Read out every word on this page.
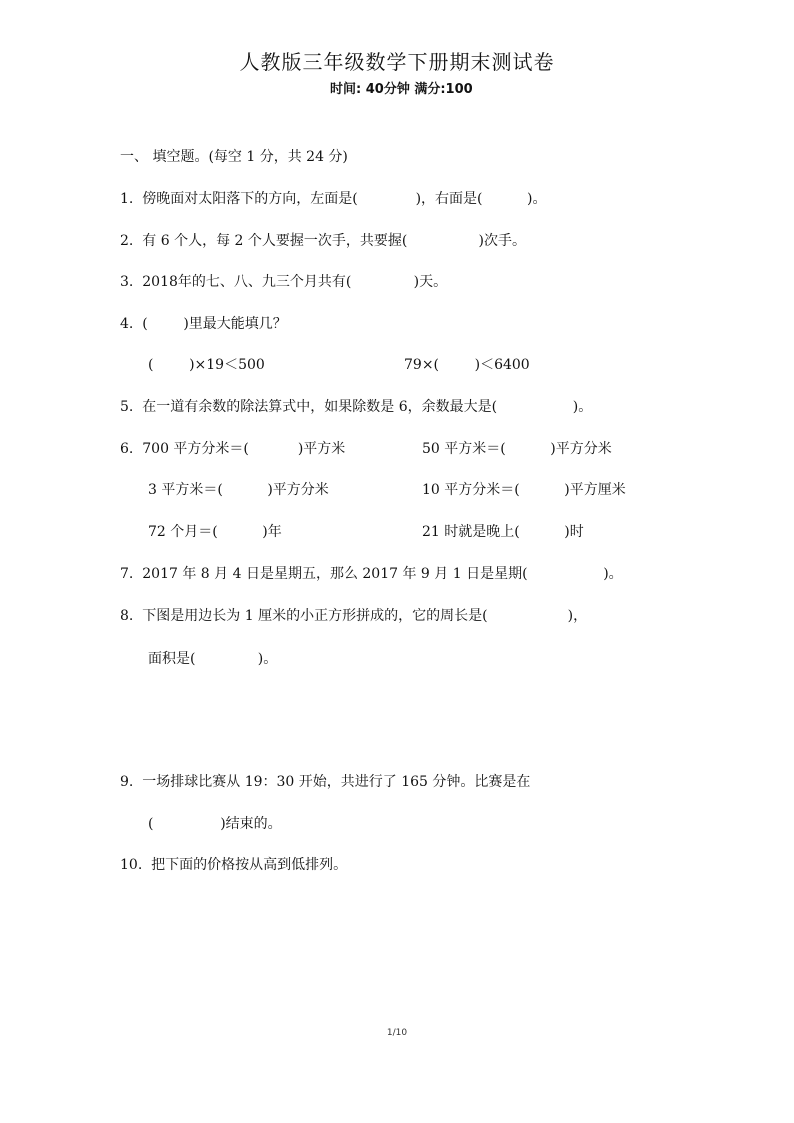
人教版三年级数学下册期末测试卷
时间: 40分钟 满分:100
一、 填空题。(每空 1 分，共 24 分)
1.  傍晚面对太阳落下的方向，左面是(             )，右面是(          )。
2.  有 6 个人，每 2 个人要握一次手，共要握(                )次手。
3.  2018年的七、八、九三个月共有(              )天。
4.  (        )里最大能填几？
(        )×19＜500	79×(        )＜6400
5.  在一道有余数的除法算式中，如果除数是 6，余数最大是(                 )。
6.  700 平方分米＝(           )平方米	50 平方米＝(          )平方分米
3 平方米＝(          )平方分米	10 平方分米＝(          )平方厘米
72 个月＝(          )年	21 时就是晚上(          )时
7.  2017 年 8 月 4 日是星期五，那么 2017 年 9 月 1 日是星期(                 )。
8.  下图是用边长为 1 厘米的小正方形拼成的，它的周长是(                  )，
面积是(              )。
9.  一场排球比赛从 19：30 开始，共进行了 165 分钟。比赛是在
(               )结束的。
10.  把下面的价格按从高到低排列。
1/10
